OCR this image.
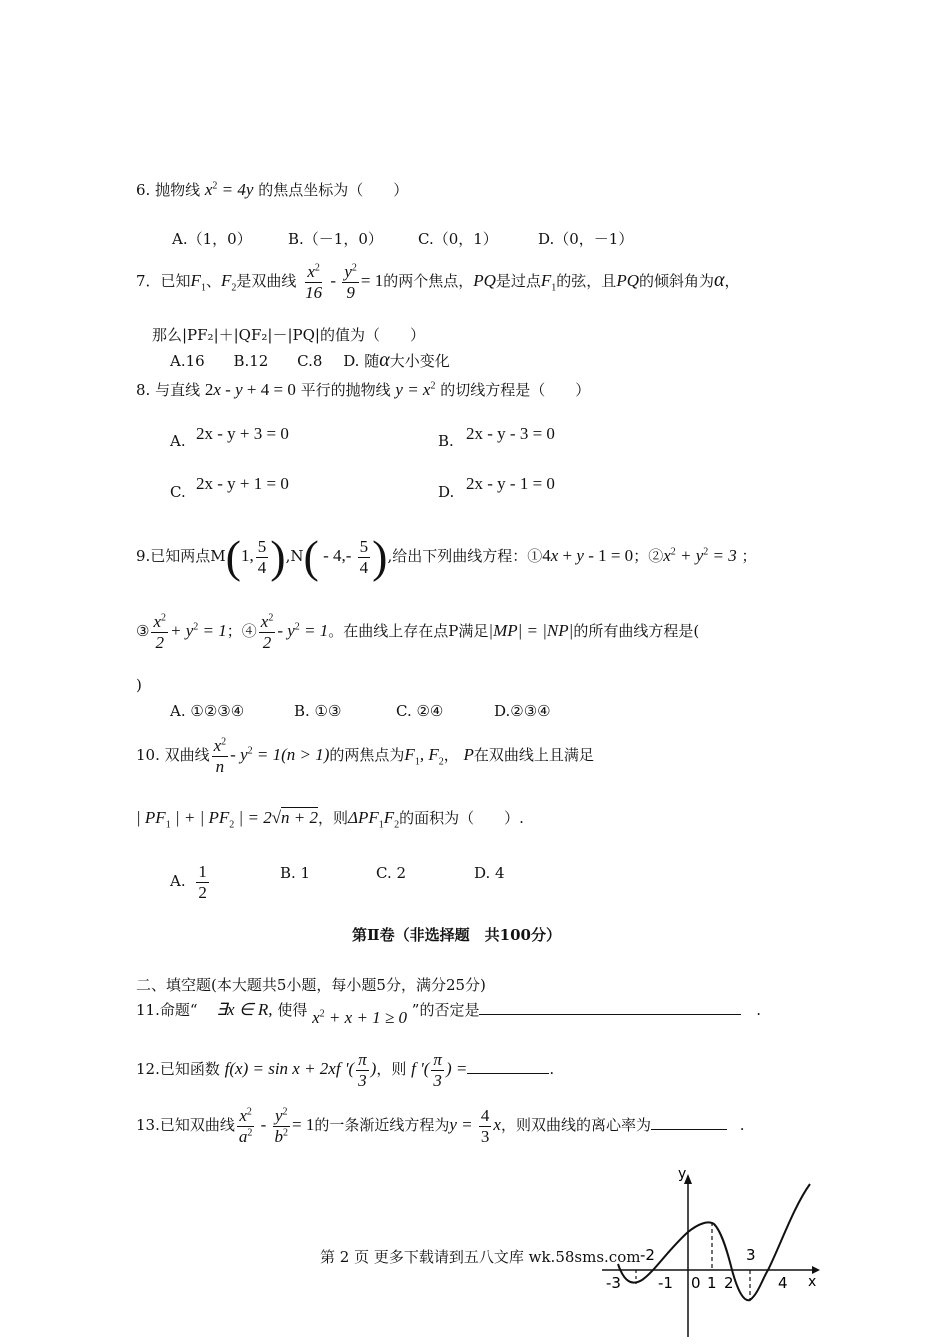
6. 抛物线 $x^2 = 4y$ 的焦点坐标为（　　）
A.（1，0） B.（－1，0） C.（0，1）	D.（0，－1）
7．已知$F_1$、$F_2$是双曲线 $\frac{x^2}{16} - \frac{y^2}{9} = 1$的两个焦点，PQ是过点$F_1$的弦，且PQ的倾斜角为α，
那么|PF₂|＋|QF₂|－|PQ|的值为（　　）
A.16 B.12 C.8 D. 随α大小变化
8. 与直线 2x - y + 4 = 0 平行的抛物线 $y = x^2$ 的切线方程是（　　）
A. 2x - y + 3 = 0	B. 2x - y - 3 = 0
C. 2x - y + 1 = 0	D. 2x - y - 1 = 0
9.已知两点M(1, $\frac{5}{4} ),N( - 4,- \frac{5}{4}$ ),给出下列曲线方程：①4x + y - 1 = 0；$②x^2 + y^2 = 3$ ；
③ $\frac{x^2}{2} + y^2 = 1$；④ $\frac{x^2}{2} - y^2 = 1$。在曲线上存在点P满足|MP| = |NP|的所有曲线方程是(
)
A. ①②③④	B. ①③	C. ②④	D.②③④
10. 双曲线 $\frac{x^2}{n} - y^2 = 1(n > 1)$的两焦点为$F_1$, $F_2$， P在双曲线上且满足
| $PF_1$ | + | $PF_2$ | = 2√n + 2，则$\Delta PF_1F_2$的面积为（　　）.
A. $\frac{1}{2}$	B. 1	C. 2	D. 4
第Ⅱ卷（非选择题　共100分）
二、填空题(本大题共5小题，每小题5分，满分25分)
11.命题“ ∃x ∈ R, 使得 $x^2 + x + 1 \ge 0$ ”的否定是	.
12.已知函数 f(x) = sin x + 2xf '( $\frac{\pi}{3}$ )，则 f '( $\frac{\pi}{3}$ ) =	.
13.已知双曲线 $\frac{x^2}{a^2} - \frac{y^2}{b^2} = 1$的一条渐近线方程为$y = \frac{4}{3}$ x，则双曲线的离心率为	.
y
x
-3
-2
-1 0 1 2
3
4
第 2 页 更多下载请到五八文库 wk.58sms.com
